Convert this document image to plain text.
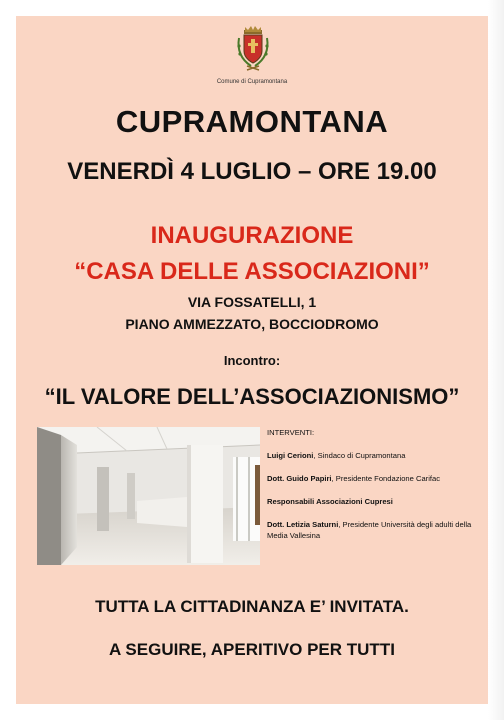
Comune di Cupramontana
CUPRAMONTANA
VENERDÌ 4 LUGLIO – ORE 19.00
INAUGURAZIONE
“CASA DELLE ASSOCIAZIONI”
VIA FOSSATELLI, 1
PIANO AMMEZZATO, BOCCIODROMO
Incontro:
“IL VALORE DELL’ASSOCIAZIONISMO”
INTERVENTI:
Luigi Cerioni, Sindaco di Cupramontana
Dott. Guido Papiri, Presidente Fondazione Carifac
Responsabili Associazioni Cupresi
Dott. Letizia Saturni, Presidente Università degli adulti della Media Vallesina
TUTTA LA CITTADINANZA E’ INVITATA.
A SEGUIRE, APERITIVO PER TUTTI
